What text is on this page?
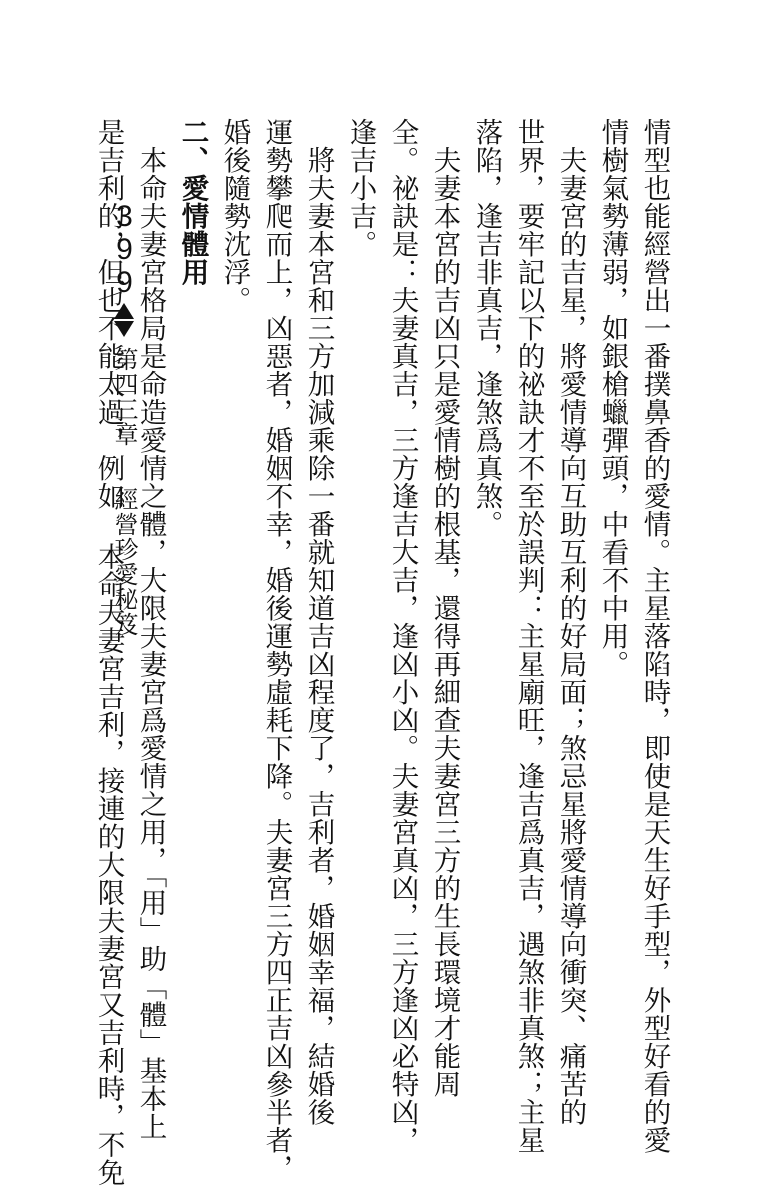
情型也能經營出一番撲鼻香的愛情。主星落陷時，即使是天生好手型，外型好看的愛
情樹氣勢薄弱，如銀槍蠟彈頭，中看不中用。
　夫妻宮的吉星，將愛情導向互助互利的好局面；煞忌星將愛情導向衝突、痛苦的
世界，要牢記以下的祕訣才不至於誤判：主星廟旺，逢吉爲真吉，遇煞非真煞；主星
落陷，逢吉非真吉，逢煞爲真煞。
　夫妻本宮的吉凶只是愛情樹的根基，還得再細查夫妻宮三方的生長環境才能周
全。祕訣是：夫妻真吉，三方逢吉大吉，逢凶小凶。夫妻宮真凶，三方逢凶必特凶，
逢吉小吉。
　將夫妻本宮和三方加減乘除一番就知道吉凶程度了，吉利者，婚姻幸福，結婚後
運勢攀爬而上，凶惡者，婚姻不幸，婚後運勢虛耗下降。夫妻宮三方四正吉凶參半者，
婚後隨勢沈浮。
二、愛情體用
　本命夫妻宮格局是命造愛情之體，大限夫妻宮爲愛情之用，「用」助「體」基本上
是吉利的，但也不能太過，例如 本命夫妻宮吉利，接連的大限夫妻宮又吉利時，不免
399
第四三章
經營珍愛秘笈
